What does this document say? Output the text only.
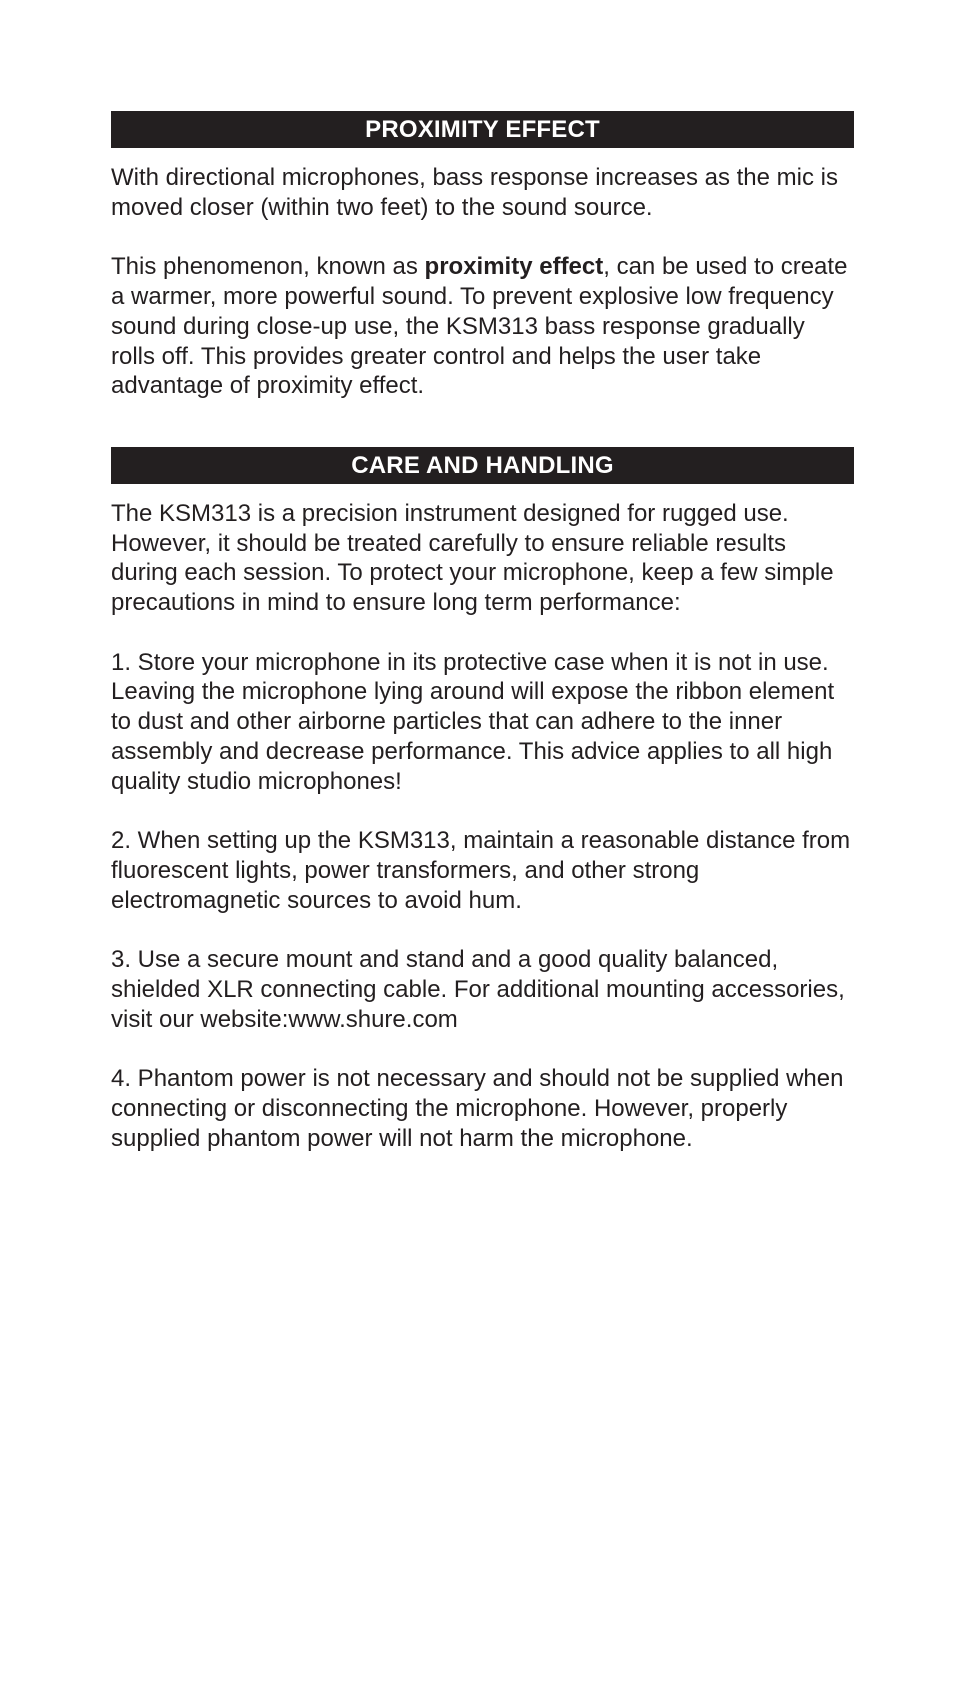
PROXIMITY EFFECT

With directional microphones, bass response increases as the mic is moved closer (within two feet) to the sound source.

This phenomenon, known as proximity effect, can be used to create a warmer, more powerful sound. To prevent explosive low frequency sound during close-up use, the KSM313 bass response gradually rolls off. This provides greater control and helps the user take advantage of proximity effect.

CARE AND HANDLING

The KSM313 is a precision instrument designed for rugged use. However, it should be treated carefully to ensure reliable results during each session. To protect your microphone, keep a few simple precautions in mind to ensure long term performance:

1. Store your microphone in its protective case when it is not in use. Leaving the microphone lying around will expose the ribbon element to dust and other airborne particles that can adhere to the inner assembly and decrease performance. This advice applies to all high quality studio microphones!

2. When setting up the KSM313, maintain a reasonable distance from fluorescent lights, power transformers, and other strong electromagnetic sources to avoid hum.

3. Use a secure mount and stand and a good quality balanced, shielded XLR connecting cable. For additional mounting accessories, visit our website:www.shure.com

4. Phantom power is not necessary and should not be supplied when connecting or disconnecting the microphone. However, properly supplied phantom power will not harm the microphone.
